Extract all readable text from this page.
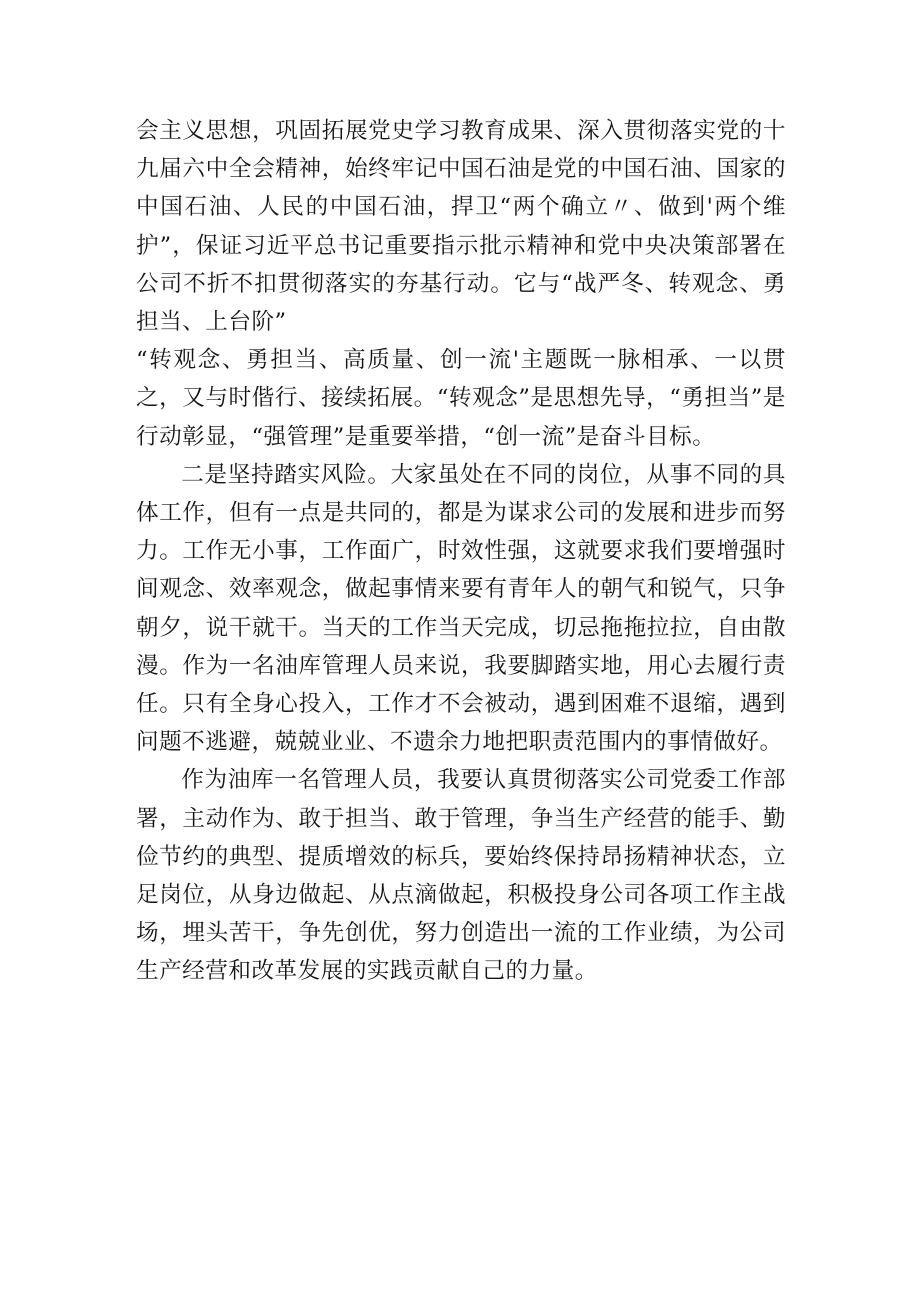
会主义思想，巩固拓展党史学习教育成果、深入贯彻落实党的十九届六中全会精神，始终牢记中国石油是党的中国石油、国家的中国石油、人民的中国石油，捍卫“两个确立〃、做到'两个维护”，保证习近平总书记重要指示批示精神和党中央决策部署在公司不折不扣贯彻落实的夯基行动。它与“战严冬、转观念、勇担当、上台阶”

“转观念、勇担当、高质量、创一流'主题既一脉相承、一以贯之，又与时偕行、接续拓展。“转观念”是思想先导，“勇担当”是行动彰显，“强管理”是重要举措，“创一流”是奋斗目标。

二是坚持踏实风险。大家虽处在不同的岗位，从事不同的具体工作，但有一点是共同的，都是为谋求公司的发展和进步而努力。工作无小事，工作面广，时效性强，这就要求我们要增强时间观念、效率观念，做起事情来要有青年人的朝气和锐气，只争朝夕，说干就干。当天的工作当天完成，切忌拖拖拉拉，自由散漫。作为一名油库管理人员来说，我要脚踏实地，用心去履行责任。只有全身心投入，工作才不会被动，遇到困难不退缩，遇到问题不逃避，兢兢业业、不遗余力地把职责范围内的事情做好。

作为油库一名管理人员，我要认真贯彻落实公司党委工作部署，主动作为、敢于担当、敢于管理，争当生产经营的能手、勤俭节约的典型、提质增效的标兵，要始终保持昂扬精神状态，立足岗位，从身边做起、从点滴做起，积极投身公司各项工作主战场，埋头苦干，争先创优，努力创造出一流的工作业绩，为公司生产经营和改革发展的实践贡献自己的力量。
